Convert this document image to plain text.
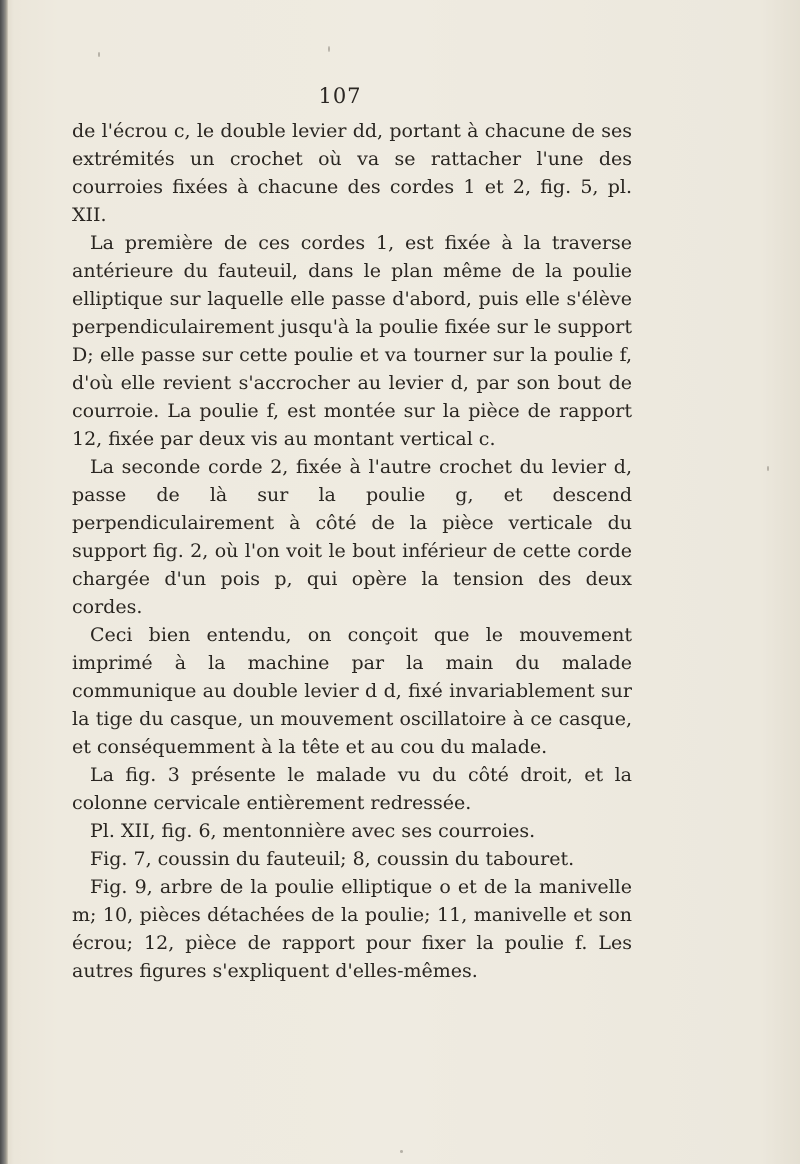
107

de l'écrou c, le double levier dd, portant à chacune de ses extrémités un crochet où va se rattacher l'une des courroies fixées à chacune des cordes 1 et 2, fig. 5, pl. XII.

La première de ces cordes 1, est fixée à la traverse antérieure du fauteuil, dans le plan même de la poulie elliptique sur laquelle elle passe d'abord, puis elle s'élève perpendiculairement jusqu'à la poulie fixée sur le support D; elle passe sur cette poulie et va tourner sur la poulie f, d'où elle revient s'accrocher au levier d, par son bout de courroie. La poulie f, est montée sur la pièce de rapport 12, fixée par deux vis au montant vertical c.

La seconde corde 2, fixée à l'autre crochet du levier d, passe de là sur la poulie g, et descend perpendiculairement à côté de la pièce verticale du support fig. 2, où l'on voit le bout inférieur de cette corde chargée d'un pois p, qui opère la tension des deux cordes.

Ceci bien entendu, on conçoit que le mouvement imprimé à la machine par la main du malade communique au double levier d d, fixé invariablement sur la tige du casque, un mouvement oscillatoire à ce casque, et conséquemment à la tête et au cou du malade.

La fig. 3 présente le malade vu du côté droit, et la colonne cervicale entièrement redressée.

Pl. XII, fig. 6, mentonnière avec ses courroies.

Fig. 7, coussin du fauteuil; 8, coussin du tabouret.

Fig. 9, arbre de la poulie elliptique o et de la manivelle m; 10, pièces détachées de la poulie; 11, manivelle et son écrou; 12, pièce de rapport pour fixer la poulie f. Les autres figures s'expliquent d'elles-mêmes.
